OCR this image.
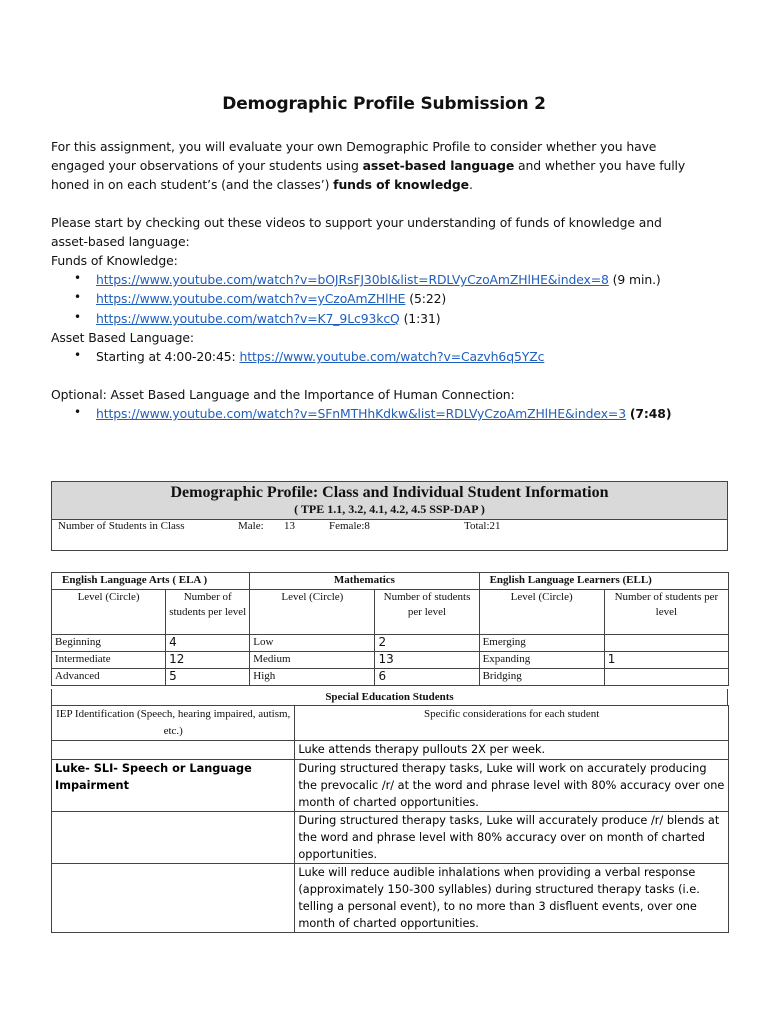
Demographic Profile Submission 2
For this assignment, you will evaluate your own Demographic Profile to consider whether you have
engaged your observations of your students using asset-based language and whether you have fully
honed in on each student’s (and the classes’) funds of knowledge.
Please start by checking out these videos to support your understanding of funds of knowledge and
asset-based language:
Funds of Knowledge:
• https://www.youtube.com/watch?v=bOJRsFJ30bI&list=RDLVyCzoAmZHlHE&index=8 (9 min.)
• https://www.youtube.com/watch?v=yCzoAmZHlHE (5:22)
• https://www.youtube.com/watch?v=K7_9Lc93kcQ (1:31)
Asset Based Language:
• Starting at 4:00-20:45: https://www.youtube.com/watch?v=Cazvh6q5YZc
Optional: Asset Based Language and the Importance of Human Connection:
• https://www.youtube.com/watch?v=SFnMTHhKdkw&list=RDLVyCzoAmZHlHE&index=3 (7:48)
Demographic Profile: Class and Individual Student Information
( TPE 1.1, 3.2, 4.1, 4.2, 4.5 SSP-DAP )
Number of Students in Class	Male: 13	Female:8	Total:21
English Language Arts ( ELA )		Mathematics		English Language Learners (ELL)	
Level (Circle)	Number of students per level	Level (Circle)	Number of students per level	Level (Circle)	Number of students per level
Beginning	4	Low	2	Emerging	
Intermediate	12	Medium	13	Expanding	1
Advanced	5	High	6	Bridging	
Special Education Students
IEP Identification (Speech, hearing impaired, autism, etc.)	Specific considerations for each student
	Luke attends therapy pullouts 2X per week.
Luke- SLI- Speech or Language Impairment	During structured therapy tasks, Luke will work on accurately producing the prevocalic /r/ at the word and phrase level with 80% accuracy over one month of charted opportunities.
	During structured therapy tasks, Luke will accurately produce /r/ blends at the word and phrase level with 80% accuracy over on month of charted opportunities.
	Luke will reduce audible inhalations when providing a verbal response (approximately 150-300 syllables) during structured therapy tasks (i.e. telling a personal event), to no more than 3 disfluent events, over one month of charted opportunities.
